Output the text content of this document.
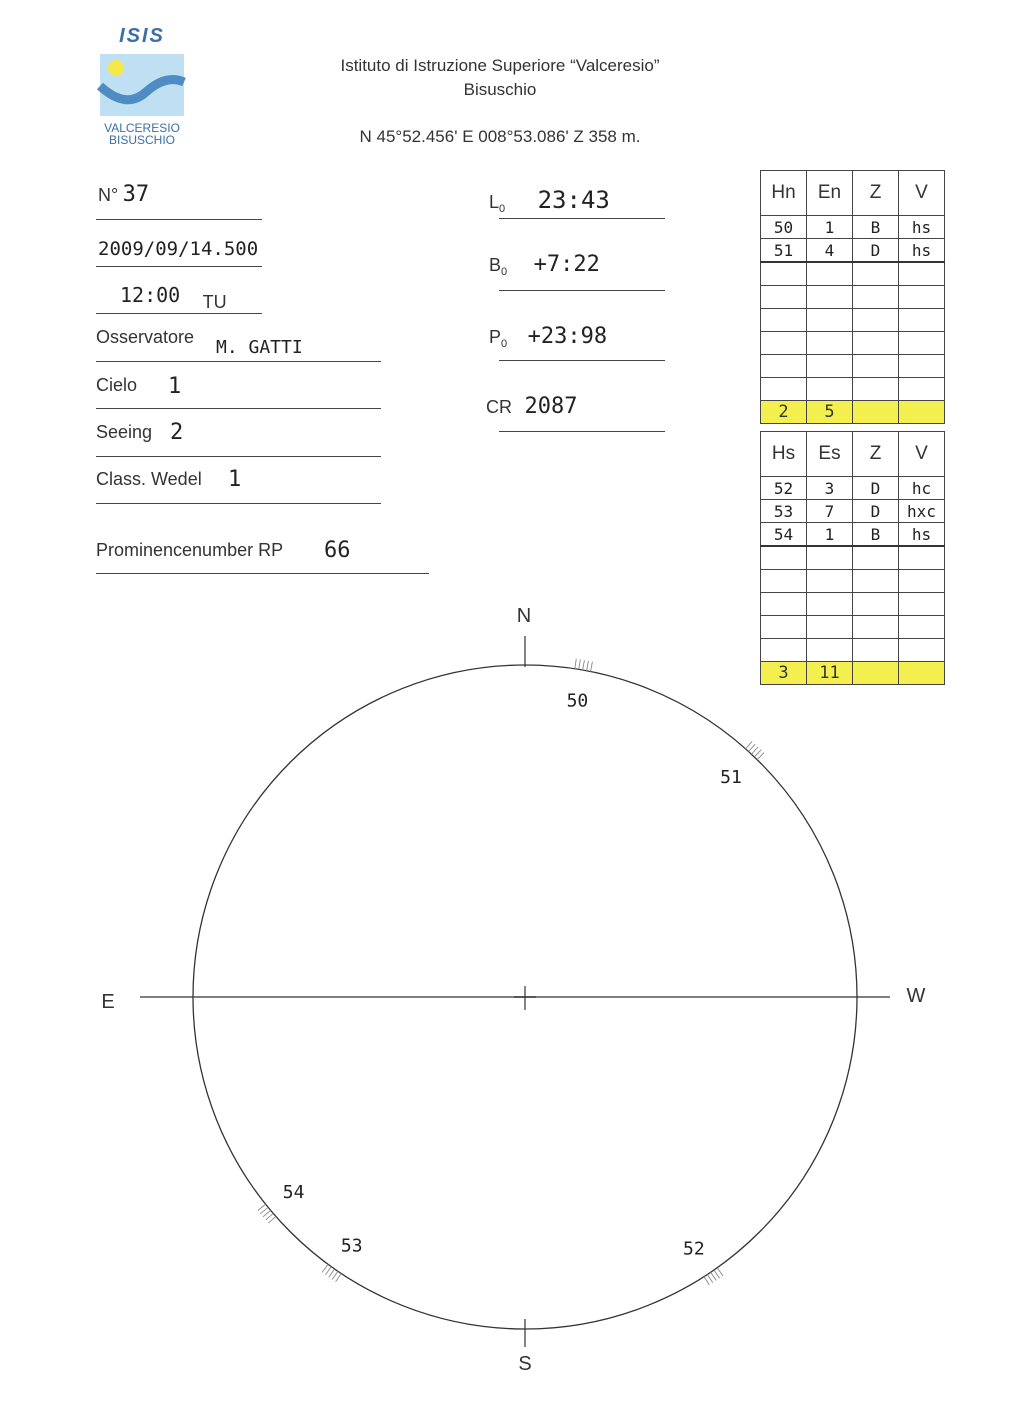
ISIS
VALCERESIO
BISUSCHIO
Istituto di Istruzione Superiore “Valceresio”
Bisuschio
N 45°52.456' E 008°53.086' Z 358 m.
N° 37
2009/09/14.500
12:00 TU
Osservatore M. GATTI
Cielo 1
Seeing 2
Class. Wedel 1
Prominencenumber RP 66
$L_0$ 23:43
$B_0$ +7:22
$P_0$ +23:98
CR 2087
Hn	En	Z	V
50	1	B	hs
51	4	D	hs

2	5		
Hs	Es	Z	V
52	3	D	hc
53	7	D	hxc
54	1	B	hs

3	11		
N
S
E	W
50
51
52
53
54
